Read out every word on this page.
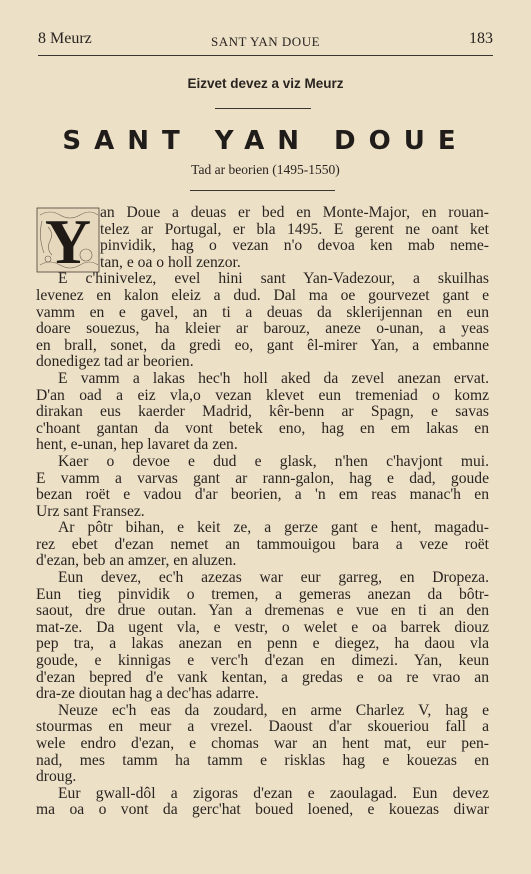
8 Meurz	SANT YAN DOUE	183
Eizvet devez a viz Meurz
SANT YAN DOUE
Tad ar beorien (1495-1550)
Y an Doue a deuas er bed en Monte-Major, en rouan-
telez ar Portugal, er bla 1495. E gerent ne oant ket
pinvidik, hag o vezan n'o devoa ken mab neme-
tan, e oa o holl zenzor.
E c'hinivelez, evel hini sant Yan-Vadezour, a skuilhas
levenez en kalon eleiz a dud. Dal ma oe gourvezet gant e
vamm en e gavel, an ti a deuas da sklerijennan en eun
doare souezus, ha kleier ar barouz, aneze o-unan, a yeas
en brall, sonet, da gredi eo, gant êl-mirer Yan, a embanne
donedigez tad ar beorien.
E vamm a lakas hec'h holl aked da zevel anezan ervat.
D'an oad a eiz vla,o vezan klevet eun tremeniad o komz
dirakan eus kaerder Madrid, kêr-benn ar Spagn, e savas
c'hoant gantan da vont betek eno, hag en em lakas en
hent, e-unan, hep lavaret da zen.
Kaer o devoe e dud e glask, n'hen c'havjont mui.
E vamm a varvas gant ar rann-galon, hag e dad, goude
bezan roët e vadou d'ar beorien, a 'n em reas manac'h en
Urz sant Fransez.
Ar pôtr bihan, e keit ze, a gerze gant e hent, magadu-
rez ebet d'ezan nemet an tammouigou bara a veze roët
d'ezan, beb an amzer, en aluzen.
Eun devez, ec'h azezas war eur garreg, en Dropeza.
Eun tieg pinvidik o tremen, a gemeras anezan da bôtr-
saout, dre drue outan. Yan a dremenas e vue en ti an den
mat-ze. Da ugent vla, e vestr, o welet e oa barrek diouz
pep tra, a lakas anezan en penn e diegez, ha daou vla
goude, e kinnigas e verc'h d'ezan en dimezi. Yan, keun
d'ezan bepred d'e vank kentan, a gredas e oa re vrao an
dra-ze dioutan hag a dec'has adarre.
Neuze ec'h eas da zoudard, en arme Charlez V, hag e
stourmas en meur a vrezel. Daoust d'ar skoueriou fall a
wele endro d'ezan, e chomas war an hent mat, eur pen-
nad, mes tamm ha tamm e risklas hag e kouezas en
droug.
Eur gwall-dôl a zigoras d'ezan e zaoulagad. Eun devez
ma oa o vont da gerc'hat boued loened, e kouezas diwar
